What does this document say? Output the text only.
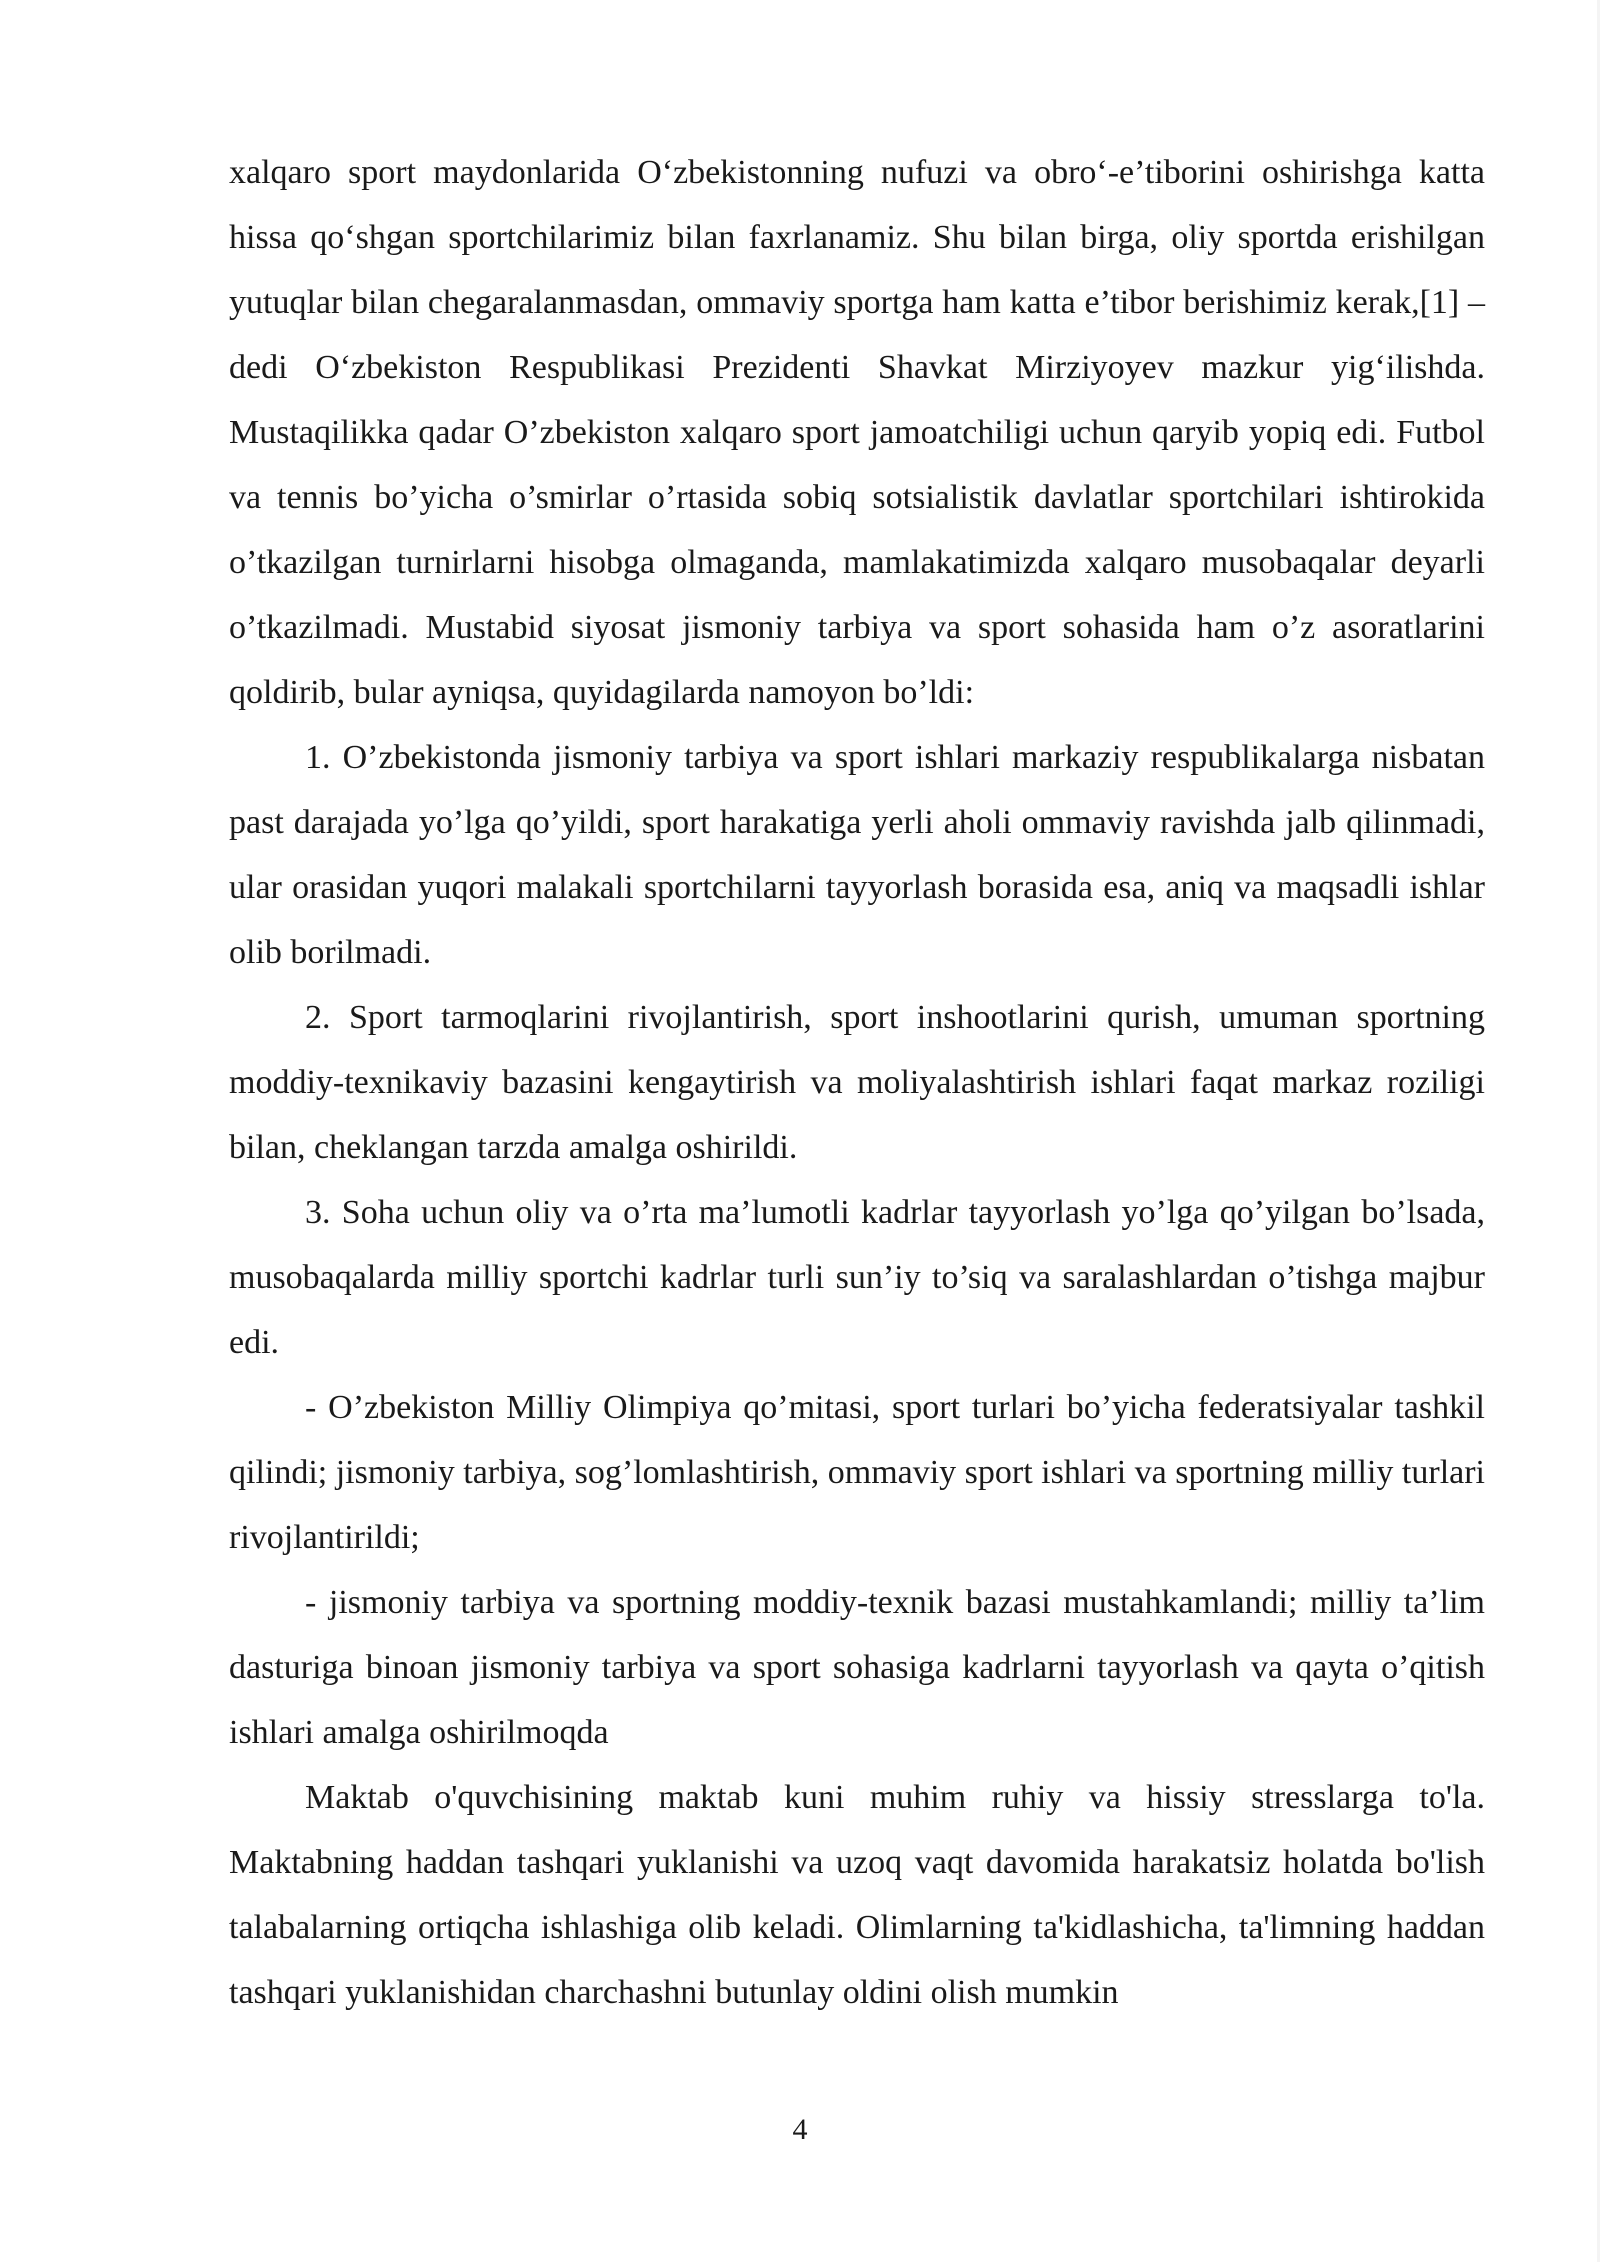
xalqaro sport maydonlarida O‘zbekistonning nufuzi va obro‘-e’tiborini oshirishga katta hissa qo‘shgan sportchilarimiz bilan faxrlanamiz. Shu bilan birga, oliy sportda erishilgan yutuqlar bilan chegaralanmasdan, ommaviy sportga ham katta e’tibor berishimiz kerak,[1] – dedi O‘zbekiston Respublikasi Prezidenti Shavkat Mirziyoyev mazkur yig‘ilishda. Mustaqilikka qadar O’zbekiston xalqaro sport jamoatchiligi uchun qaryib yopiq edi. Futbol va tennis bo’yicha o’smirlar o’rtasida sobiq sotsialistik davlatlar sportchilari ishtirokida o’tkazilgan turnirlarni hisobga olmaganda, mamlakatimizda xalqaro musobaqalar deyarli o’tkazilmadi. Mustabid siyosat jismoniy tarbiya va sport sohasida ham o’z asoratlarini qoldirib, bular ayniqsa, quyidagilarda namoyon bo’ldi:

1. O’zbekistonda jismoniy tarbiya va sport ishlari markaziy respublikalarga nisbatan past darajada yo’lga qo’yildi, sport harakatiga yerli aholi ommaviy ravishda jalb qilinmadi, ular orasidan yuqori malakali sportchilarni tayyorlash borasida esa, aniq va maqsadli ishlar olib borilmadi.

2. Sport tarmoqlarini rivojlantirish, sport inshootlarini qurish, umuman sportning moddiy-texnikaviy bazasini kengaytirish va moliyalashtirish ishlari faqat markaz roziligi bilan, cheklangan tarzda amalga oshirildi.

3. Soha uchun oliy va o’rta ma’lumotli kadrlar tayyorlash yo’lga qo’yilgan bo’lsada, musobaqalarda milliy sportchi kadrlar turli sun’iy to’siq va saralashlardan o’tishga majbur edi.

- O’zbekiston Milliy Olimpiya qo’mitasi, sport turlari bo’yicha federatsiyalar tashkil qilindi; jismoniy tarbiya, sog’lomlashtirish, ommaviy sport ishlari va sportning milliy turlari rivojlantirildi;

- jismoniy tarbiya va sportning moddiy-texnik bazasi mustahkamlandi; milliy ta’lim dasturiga binoan jismoniy tarbiya va sport sohasiga kadrlarni tayyorlash va qayta o’qitish ishlari amalga oshirilmoqda

Maktab o'quvchisining maktab kuni muhim ruhiy va hissiy stresslarga to'la. Maktabning haddan tashqari yuklanishi va uzoq vaqt davomida harakatsiz holatda bo'lish talabalarning ortiqcha ishlashiga olib keladi. Olimlarning ta'kidlashicha, ta'limning haddan tashqari yuklanishidan charchashni butunlay oldini olish mumkin

4
